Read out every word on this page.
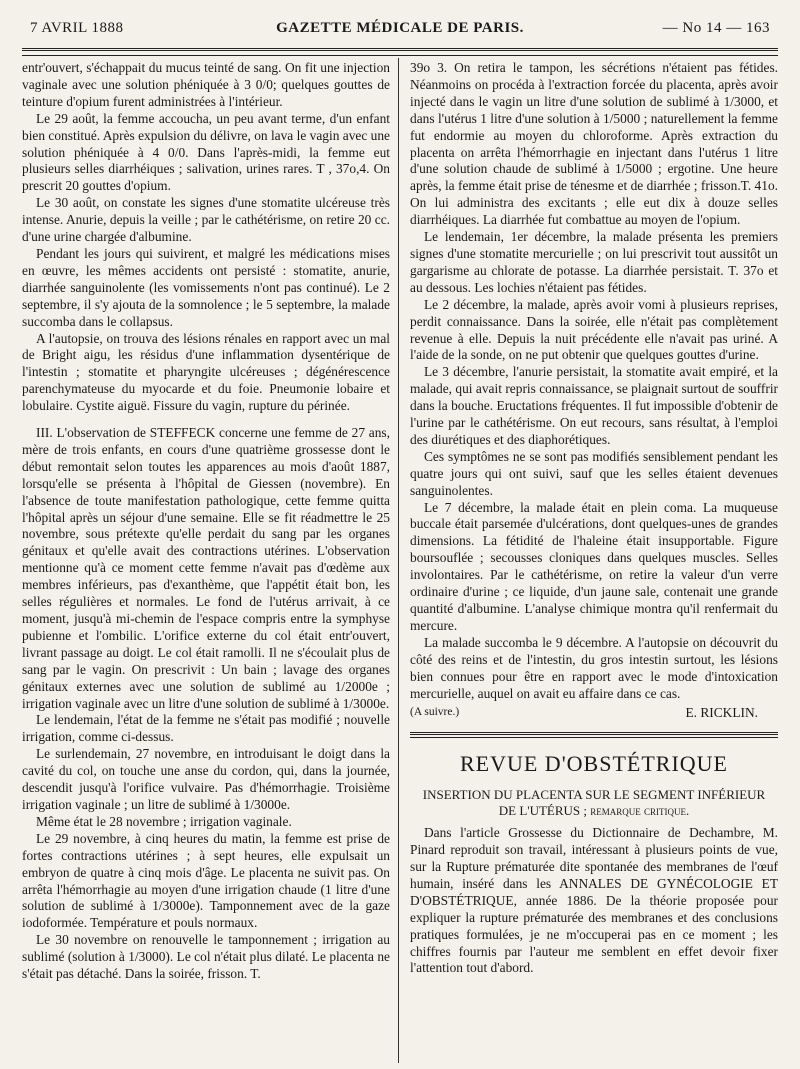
7 AVRIL 1888	GAZETTE MÉDICALE DE PARIS.	— No 14 — 163

entr'ouvert, s'échappait du mucus teinté de sang. On fit une injection vaginale avec une solution phéniquée à 3 0/0; quelques gouttes de teinture d'opium furent administrées à l'intérieur.

Le 29 août, la femme accoucha, un peu avant terme, d'un enfant bien constitué. Après expulsion du délivre, on lava le vagin avec une solution phéniquée à 4 0/0. Dans l'après-midi, la femme eut plusieurs selles diarrhéiques ; salivation, urines rares. T , 37o,4. On prescrit 20 gouttes d'opium.

Le 30 août, on constate les signes d'une stomatite ulcéreuse très intense. Anurie, depuis la veille ; par le cathétérisme, on retire 20 cc. d'une urine chargée d'albumine.

Pendant les jours qui suivirent, et malgré les médications mises en œuvre, les mêmes accidents ont persisté : stomatite, anurie, diarrhée sanguinolente (les vomissements n'ont pas continué). Le 2 septembre, il s'y ajouta de la somnolence ; le 5 septembre, la malade succomba dans le collapsus.

A l'autopsie, on trouva des lésions rénales en rapport avec un mal de Bright aigu, les résidus d'une inflammation dysentérique de l'intestin ; stomatite et pharyngite ulcéreuses ; dégénérescence parenchymateuse du myocarde et du foie. Pneumonie lobaire et lobulaire. Cystite aiguë. Fissure du vagin, rupture du périnée.

III. L'observation de STEFFECK concerne une femme de 27 ans, mère de trois enfants, en cours d'une quatrième grossesse dont le début remontait selon toutes les apparences au mois d'août 1887, lorsqu'elle se présenta à l'hôpital de Giessen (novembre). En l'absence de toute manifestation pathologique, cette femme quitta l'hôpital après un séjour d'une semaine. Elle se fit réadmettre le 25 novembre, sous prétexte qu'elle perdait du sang par les organes génitaux et qu'elle avait des contractions utérines. L'observation mentionne qu'à ce moment cette femme n'avait pas d'œdème aux membres inférieurs, pas d'exanthème, que l'appétit était bon, les selles régulières et normales. Le fond de l'utérus arrivait, à ce moment, jusqu'à mi-chemin de l'espace compris entre la symphyse pubienne et l'ombilic. L'orifice externe du col était entr'ouvert, livrant passage au doigt. Le col était ramolli. Il ne s'écoulait plus de sang par le vagin. On prescrivit : Un bain ; lavage des organes génitaux externes avec une solution de sublimé au 1/2000e ; irrigation vaginale avec un litre d'une solution de sublimé à 1/3000e.

Le lendemain, l'état de la femme ne s'était pas modifié ; nouvelle irrigation, comme ci-dessus.

Le surlendemain, 27 novembre, en introduisant le doigt dans la cavité du col, on touche une anse du cordon, qui, dans la journée, descendit jusqu'à l'orifice vulvaire. Pas d'hémorrhagie. Troisième irrigation vaginale ; un litre de sublimé à 1/3000e.

Même état le 28 novembre ; irrigation vaginale.

Le 29 novembre, à cinq heures du matin, la femme est prise de fortes contractions utérines ; à sept heures, elle expulsait un embryon de quatre à cinq mois d'âge. Le placenta ne suivit pas. On arrêta l'hémorrhagie au moyen d'une irrigation chaude (1 litre d'une solution de sublimé à 1/3000e). Tamponnement avec de la gaze iodoformée. Température et pouls normaux.

Le 30 novembre on renouvelle le tamponnement ; irrigation au sublimé (solution à 1/3000). Le col n'était plus dilaté. Le placenta ne s'était pas détaché. Dans la soirée, frisson. T.

39o 3. On retira le tampon, les sécrétions n'étaient pas fétides. Néanmoins on procéda à l'extraction forcée du placenta, après avoir injecté dans le vagin un litre d'une solution de sublimé à 1/3000, et dans l'utérus 1 litre d'une solution à 1/5000 ; naturellement la femme fut endormie au moyen du chloroforme. Après extraction du placenta on arrêta l'hémorrhagie en injectant dans l'utérus 1 litre d'une solution chaude de sublimé à 1/5000 ; ergotine. Une heure après, la femme était prise de ténesme et de diarrhée ; frisson.T. 41o. On lui administra des excitants ; elle eut dix à douze selles diarrhéiques. La diarrhée fut combattue au moyen de l'opium.

Le lendemain, 1er décembre, la malade présenta les premiers signes d'une stomatite mercurielle ; on lui prescrivit tout aussitôt un gargarisme au chlorate de potasse. La diarrhée persistait. T. 37o et au dessous. Les lochies n'étaient pas fétides.

Le 2 décembre, la malade, après avoir vomi à plusieurs reprises, perdit connaissance. Dans la soirée, elle n'était pas complètement revenue à elle. Depuis la nuit précédente elle n'avait pas uriné. A l'aide de la sonde, on ne put obtenir que quelques gouttes d'urine.

Le 3 décembre, l'anurie persistait, la stomatite avait empiré, et la malade, qui avait repris connaissance, se plaignait surtout de souffrir dans la bouche. Eructations fréquentes. Il fut impossible d'obtenir de l'urine par le cathétérisme. On eut recours, sans résultat, à l'emploi des diurétiques et des diaphorétiques.

Ces symptômes ne se sont pas modifiés sensiblement pendant les quatre jours qui ont suivi, sauf que les selles étaient devenues sanguinolentes.

Le 7 décembre, la malade était en plein coma. La muqueuse buccale était parsemée d'ulcérations, dont quelques-unes de grandes dimensions. La fétidité de l'haleine était insupportable. Figure boursouflée ; secousses cloniques dans quelques muscles. Selles involontaires. Par le cathétérisme, on retire la valeur d'un verre ordinaire d'urine ; ce liquide, d'un jaune sale, contenait une grande quantité d'albumine. L'analyse chimique montra qu'il renfermait du mercure.

La malade succomba le 9 décembre. A l'autopsie on découvrit du côté des reins et de l'intestin, du gros intestin surtout, les lésions bien connues pour être en rapport avec le mode d'intoxication mercurielle, auquel on avait eu affaire dans ce cas.

(A suivre.)	E. RICKLIN.
REVUE D'OBSTÉTRIQUE
INSERTION DU PLACENTA SUR LE SEGMENT INFÉRIEUR
DE L'UTÉRUS ; remarque critique.

Dans l'article Grossesse du Dictionnaire de Dechambre, M. Pinard reproduit son travail, intéressant à plusieurs points de vue, sur la Rupture prématurée dite spontanée des membranes de l'œuf humain, inséré dans les ANNALES DE GYNÉCOLOGIE ET D'OBSTÉTRIQUE, année 1886. De la théorie proposée pour expliquer la rupture prématurée des membranes et des conclusions pratiques formulées, je ne m'occuperai pas en ce moment ; les chiffres fournis par l'auteur me semblent en effet devoir fixer l'attention tout d'abord.
